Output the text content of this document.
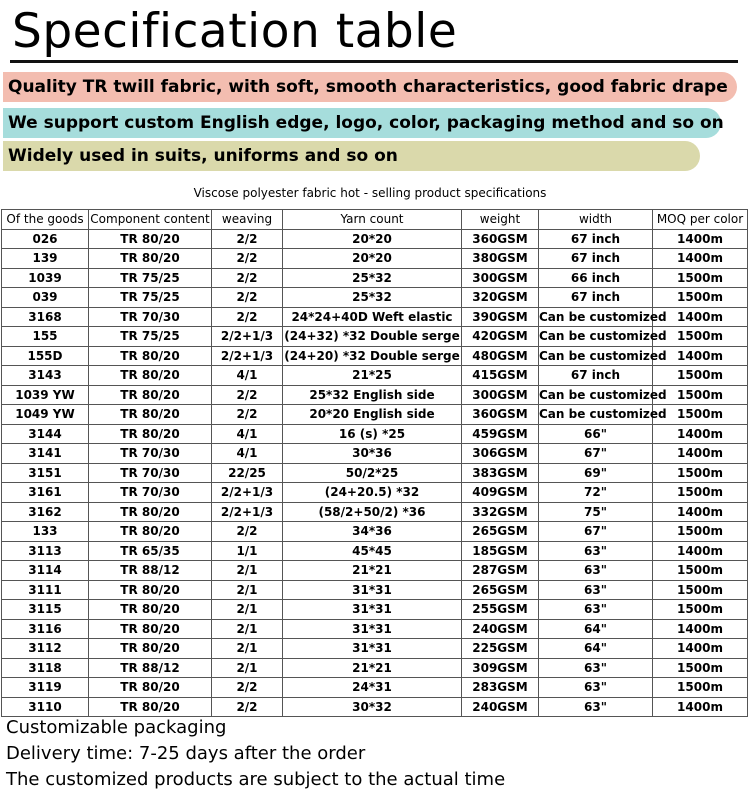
Specification table
Quality TR twill fabric, with soft, smooth characteristics, good fabric drape
We support custom English edge, logo, color, packaging method and so on
Widely used in suits, uniforms and so on
Viscose polyester fabric hot - selling product specifications
Of the goods	Component content	weaving	Yarn count	weight	width	MOQ per color
026	TR 80/20	2/2	20*20	360GSM	67 inch	1400m
139	TR 80/20	2/2	20*20	380GSM	67 inch	1400m
1039	TR 75/25	2/2	25*32	300GSM	66 inch	1500m
039	TR 75/25	2/2	25*32	320GSM	67 inch	1500m
3168	TR 70/30	2/2	24*24+40D Weft elastic	390GSM	Can be customized	1400m
155	TR 75/25	2/2+1/3	(24+32) *32 Double serge	420GSM	Can be customized	1500m
155D	TR 80/20	2/2+1/3	(24+20) *32 Double serge	480GSM	Can be customized	1400m
3143	TR 80/20	4/1	21*25	415GSM	67 inch	1500m
1039 YW	TR 80/20	2/2	25*32 English side	300GSM	Can be customized	1500m
1049 YW	TR 80/20	2/2	20*20 English side	360GSM	Can be customized	1500m
3144	TR 80/20	4/1	16 (s) *25	459GSM	66"	1400m
3141	TR 70/30	4/1	30*36	306GSM	67"	1400m
3151	TR 70/30	22/25	50/2*25	383GSM	69"	1500m
3161	TR 70/30	2/2+1/3	(24+20.5) *32	409GSM	72"	1500m
3162	TR 80/20	2/2+1/3	(58/2+50/2) *36	332GSM	75"	1400m
133	TR 80/20	2/2	34*36	265GSM	67"	1500m
3113	TR 65/35	1/1	45*45	185GSM	63"	1400m
3114	TR 88/12	2/1	21*21	287GSM	63"	1500m
3111	TR 80/20	2/1	31*31	265GSM	63"	1500m
3115	TR 80/20	2/1	31*31	255GSM	63"	1500m
3116	TR 80/20	2/1	31*31	240GSM	64"	1400m
3112	TR 80/20	2/1	31*31	225GSM	64"	1400m
3118	TR 88/12	2/1	21*21	309GSM	63"	1500m
3119	TR 80/20	2/2	24*31	283GSM	63"	1500m
3110	TR 80/20	2/2	30*32	240GSM	63"	1400m
Customizable packaging
Delivery time: 7-25 days after the order
The customized products are subject to the actual time
